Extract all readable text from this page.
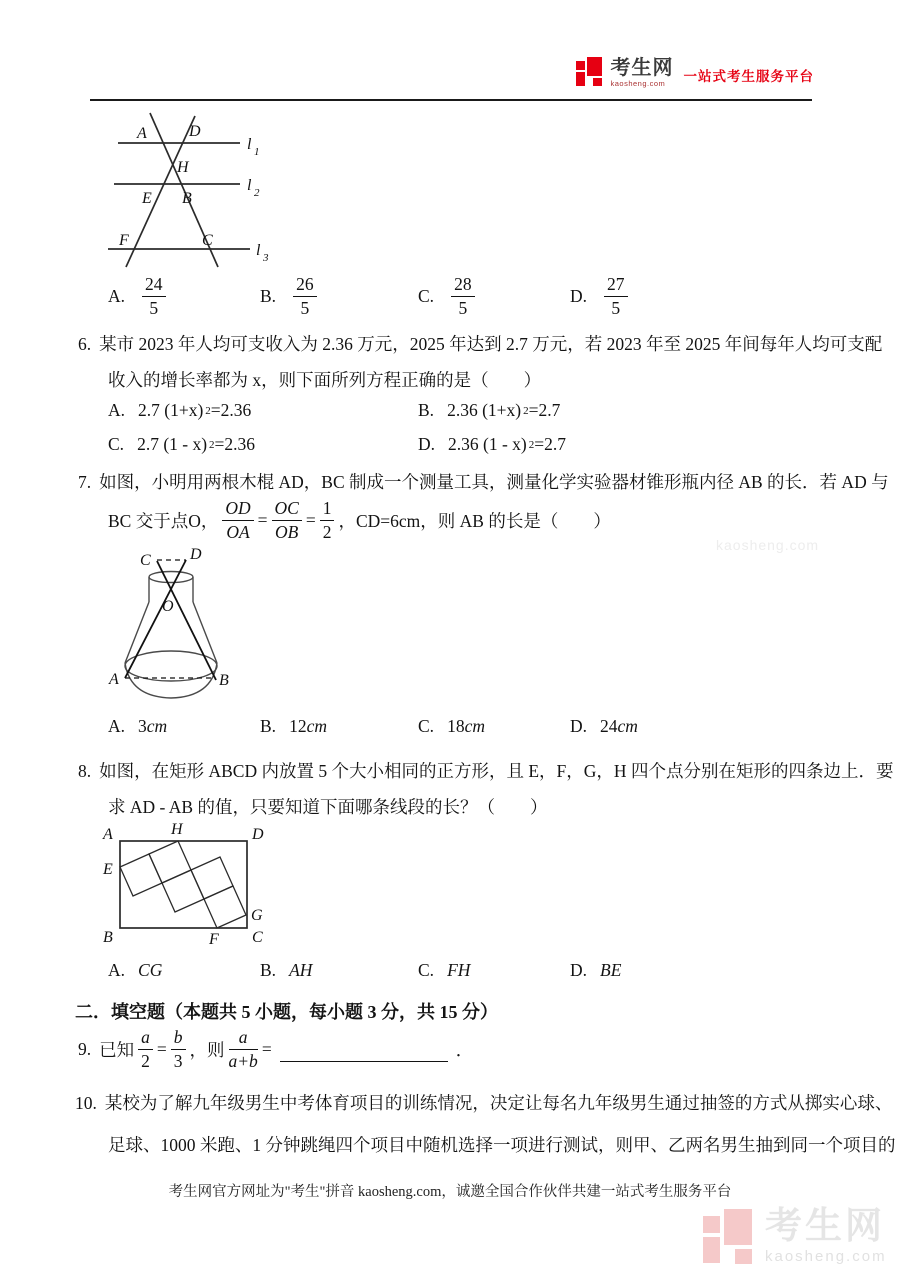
考生网
kaosheng.com	一站式考生服务平台
A	D
H
E B
F	C
l 1
l 2
l 3
A. $\frac{24}{5}$	B. $\frac{26}{5}$	C. $\frac{28}{5}$	D. $\frac{27}{5}$
6. 某市 2023 年人均可支收入为 2.36 万元，2025 年达到 2.7 万元，若 2023 年至 2025 年间每年人均可支配
收入的增长率都为 x，则下面所列方程正确的是（　　）
A. 2.7 (1+x) 2 =2.36	B. 2.36 (1+x) 2 =2.7
C. 2.7 (1 - x) 2 =2.36	D. 2.36 (1 - x) 2 =2.7
7. 如图，小明用两根木棍 AD，BC 制成一个测量工具，测量化学实验器材锥形瓶内径 AB 的长．若 AD 与
BC 交于点O， $\frac{OD}{OA} = \frac{OC}{OB} = \frac{1}{2}$ ，CD=6cm，则 AB 的长是（　　）
C D
O
A	B
A. 3 cm	B. 12 cm	C. 18 cm	D. 24 cm
8. 如图，在矩形 ABCD 内放置 5 个大小相同的正方形，且 E，F，G，H 四个点分别在矩形的四条边上．要
求 AD - AB 的值，只要知道下面哪条线段的长？（　　）
A	D
B	C
E
H
G
F
A. CG	B. AH	C. FH	D. BE
二．填空题（本题共 5 小题，每小题 3 分，共 15 分）
9. 已知 $\frac{a}{2} = \frac{b}{3}$ ，则 $\frac{a}{a+b}$ =	．
10. 某校为了解九年级男生中考体育项目的训练情况，决定让每名九年级男生通过抽签的方式从掷实心球、
足球、1000 米跑、1 分钟跳绳四个项目中随机选择一项进行测试，则甲、乙两名男生抽到同一个项目的
考生网官方网址为"考生"拼音 kaosheng.com，诚邀全国合作伙伴共建一站式考生服务平台
kaosheng.com
考生网
kaosheng.com
